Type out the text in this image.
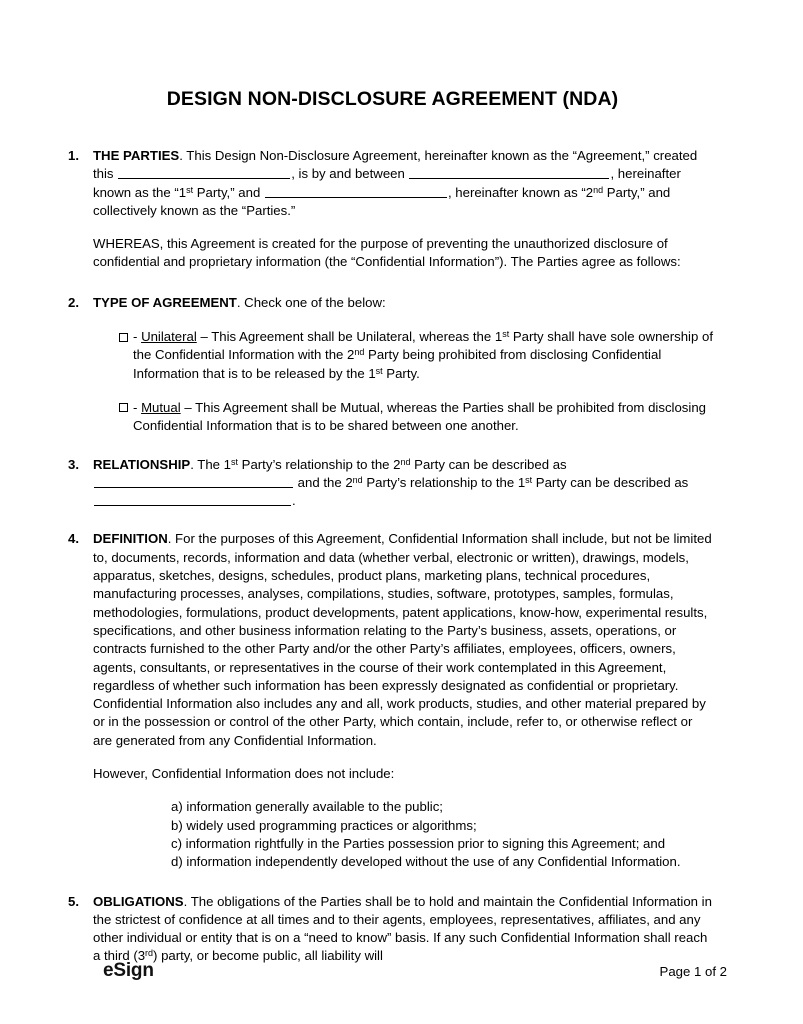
DESIGN NON-DISCLOSURE AGREEMENT (NDA)
1.	THE PARTIES. This Design Non-Disclosure Agreement, hereinafter known as the “Agreement,” created this	, is by and between	, hereinafter known as the “1st Party,” and	, hereinafter known as “2nd Party,” and collectively known as the “Parties.”

WHEREAS, this Agreement is created for the purpose of preventing the unauthorized disclosure of confidential and proprietary information (the “Confidential Information”). The Parties agree as follows:

2.	TYPE OF AGREEMENT. Check one of the below:

- Unilateral – This Agreement shall be Unilateral, whereas the 1st Party shall have sole ownership of the Confidential Information with the 2nd Party being prohibited from disclosing Confidential Information that is to be released by the 1st Party.
- Mutual – This Agreement shall be Mutual, whereas the Parties shall be prohibited from disclosing Confidential Information that is to be shared between one another.
3.	RELATIONSHIP. The 1st Party’s relationship to the 2nd Party can be described as  and the 2nd Party’s relationship to the 1st Party can be described as .

4.	DEFINITION. For the purposes of this Agreement, Confidential Information shall include, but not be limited to, documents, records, information and data (whether verbal, electronic or written), drawings, models, apparatus, sketches, designs, schedules, product plans, marketing plans, technical procedures, manufacturing processes, analyses, compilations, studies, software, prototypes, samples, formulas, methodologies, formulations, product developments, patent applications, know-how, experimental results, specifications, and other business information relating to the Party’s business, assets, operations, or contracts furnished to the other Party and/or the other Party’s affiliates, employees, officers, owners, agents, consultants, or representatives in the course of their work contemplated in this Agreement, regardless of whether such information has been expressly designated as confidential or proprietary. Confidential Information also includes any and all, work products, studies, and other material prepared by or in the possession or control of the other Party, which contain, include, refer to, or otherwise reflect or are generated from any Confidential Information.

However, Confidential Information does not include:

a) information generally available to the public;
b) widely used programming practices or algorithms;
c) information rightfully in the Parties possession prior to signing this Agreement; and
d) information independently developed without the use of any Confidential Information.
5.	OBLIGATIONS. The obligations of the Parties shall be to hold and maintain the Confidential Information in the strictest of confidence at all times and to their agents, employees, representatives, affiliates, and any other individual or entity that is on a “need to know” basis. If any such Confidential Information shall reach a third (3rd) party, or become public, all liability will

eSign	Page 1 of 2
